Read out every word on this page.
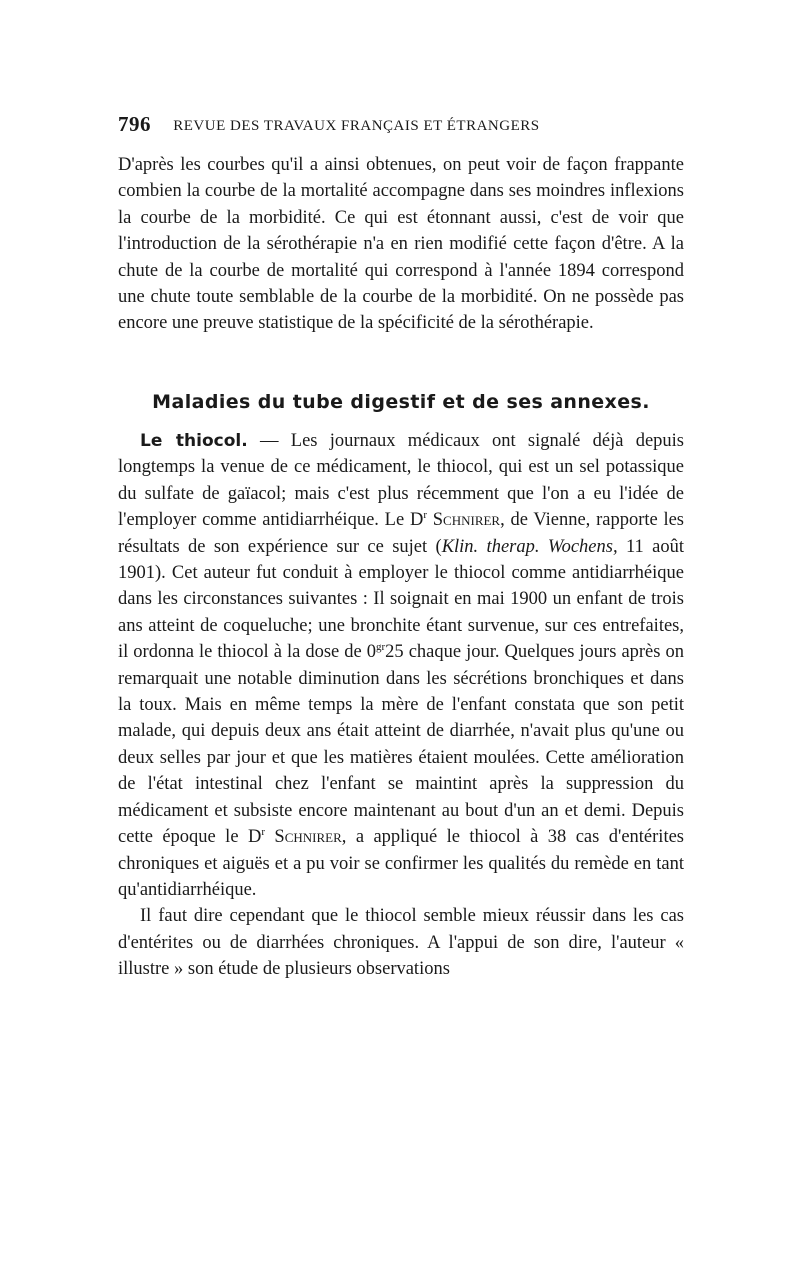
796 REVUE DES TRAVAUX FRANÇAIS ET ÉTRANGERS

D'après les courbes qu'il a ainsi obtenues, on peut voir de façon frappante combien la courbe de la mortalité accompagne dans ses moindres inflexions la courbe de la morbidité. Ce qui est étonnant aussi, c'est de voir que l'introduction de la sérothérapie n'a en rien modifié cette façon d'être. A la chute de la courbe de mortalité qui correspond à l'année 1894 correspond une chute toute semblable de la courbe de la morbidité. On ne possède pas encore une preuve statistique de la spécificité de la sérothérapie.

Maladies du tube digestif et de ses annexes.

Le thiocol. — Les journaux médicaux ont signalé déjà depuis longtemps la venue de ce médicament, le thiocol, qui est un sel potassique du sulfate de gaïacol; mais c'est plus récemment que l'on a eu l'idée de l'employer comme antidiarrhéique. Le $D^r$ Schnirer, de Vienne, rapporte les résultats de son expérience sur ce sujet (Klin. therap. Wochens, 11 août 1901). Cet auteur fut conduit à employer le thiocol comme antidiarrhéique dans les circonstances suivantes : Il soignait en mai 1900 un enfant de trois ans atteint de coqueluche; une bronchite étant survenue, sur ces entrefaites, il ordonna le thiocol à la dose de $0^{gr}25$ chaque jour. Quelques jours après on remarquait une notable diminution dans les sécrétions bronchiques et dans la toux. Mais en même temps la mère de l'enfant constata que son petit malade, qui depuis deux ans était atteint de diarrhée, n'avait plus qu'une ou deux selles par jour et que les matières étaient moulées. Cette amélioration de l'état intestinal chez l'enfant se maintint après la suppression du médicament et subsiste encore maintenant au bout d'un an et demi. Depuis cette époque le $D^r$ Schnirer, a appliqué le thiocol à 38 cas d'entérites chroniques et aiguës et a pu voir se confirmer les qualités du remède en tant qu'antidiarrhéique.

Il faut dire cependant que le thiocol semble mieux réussir dans les cas d'entérites ou de diarrhées chroniques. A l'appui de son dire, l'auteur « illustre » son étude de plusieurs observations
